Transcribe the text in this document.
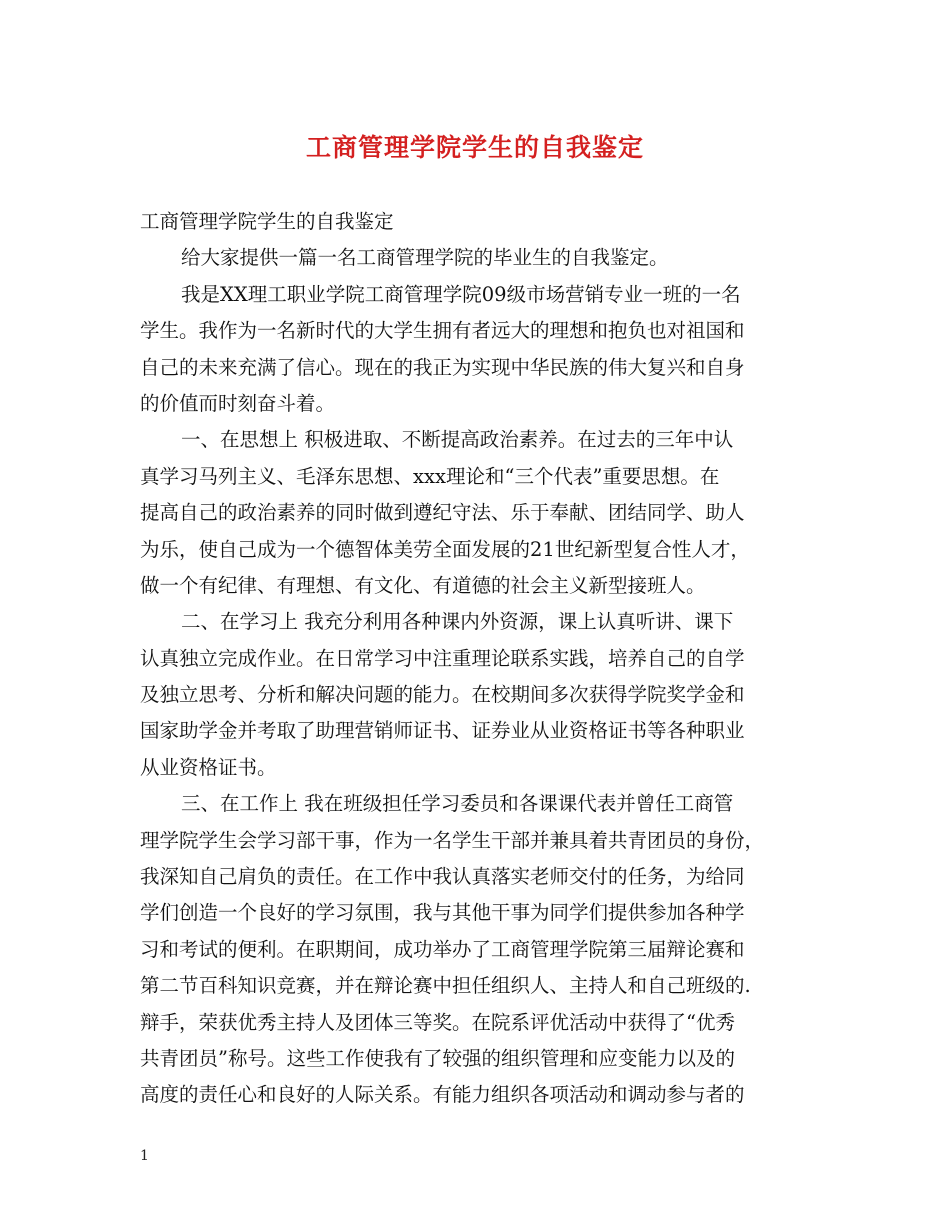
工商管理学院学生的自我鉴定
工商管理学院学生的自我鉴定
给大家提供一篇一名工商管理学院的毕业生的自我鉴定。
我是XX理工职业学院工商管理学院09级市场营销专业一班的一名
学生。我作为一名新时代的大学生拥有者远大的理想和抱负也对祖国和
自己的未来充满了信心。现在的我正为实现中华民族的伟大复兴和自身
的价值而时刻奋斗着。
一、在思想上 积极进取、不断提高政治素养。在过去的三年中认
真学习马列主义、毛泽东思想、xxx理论和“三个代表”重要思想。在
提高自己的政治素养的同时做到遵纪守法、乐于奉献、团结同学、助人
为乐，使自己成为一个德智体美劳全面发展的21世纪新型复合性人才，
做一个有纪律、有理想、有文化、有道德的社会主义新型接班人。
二、在学习上 我充分利用各种课内外资源，课上认真听讲、课下
认真独立完成作业。在日常学习中注重理论联系实践，培养自己的自学
及独立思考、分析和解决问题的能力。在校期间多次获得学院奖学金和
国家助学金并考取了助理营销师证书、证券业从业资格证书等各种职业
从业资格证书。
三、在工作上 我在班级担任学习委员和各课课代表并曾任工商管
理学院学生会学习部干事，作为一名学生干部并兼具着共青团员的身份，
我深知自己肩负的责任。在工作中我认真落实老师交付的任务，为给同
学们创造一个良好的学习氛围，我与其他干事为同学们提供参加各种学
习和考试的便利。在职期间，成功举办了工商管理学院第三届辩论赛和
第二节百科知识竞赛，并在辩论赛中担任组织人、主持人和自己班级的.
辩手，荣获优秀主持人及团体三等奖。在院系评优活动中获得了“优秀
共青团员”称号。这些工作使我有了较强的组织管理和应变能力以及的
高度的责任心和良好的人际关系。有能力组织各项活动和调动参与者的
1
